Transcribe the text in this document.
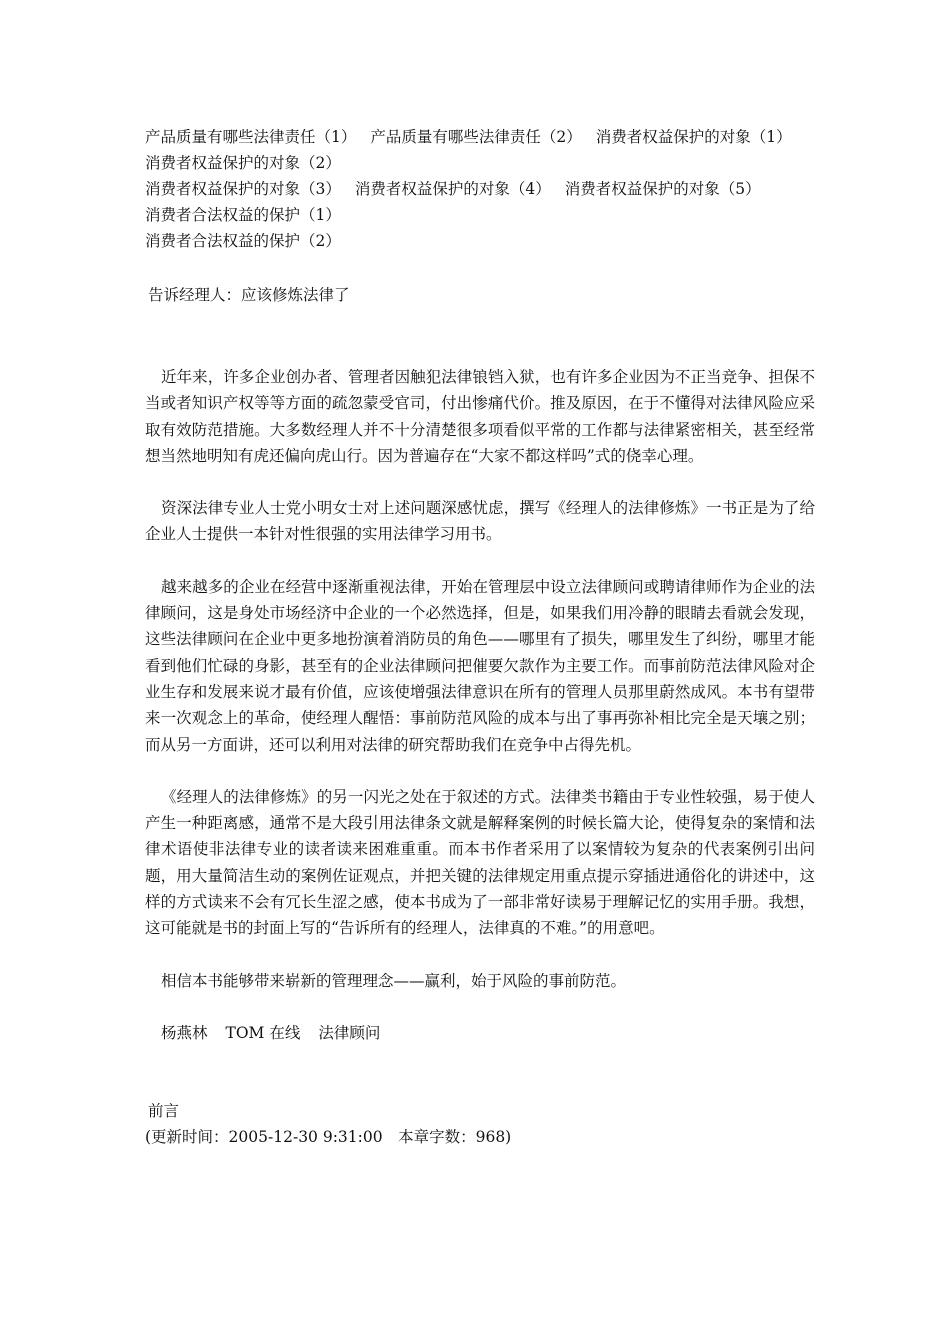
产品质量有哪些法律责任（1） 产品质量有哪些法律责任（2） 消费者权益保护的对象（1）消费者权益保护的对象（2）
消费者权益保护的对象（3） 消费者权益保护的对象（4） 消费者权益保护的对象（5）
消费者合法权益的保护（1）
消费者合法权益的保护（2）
告诉经理人：应该修炼法律了

近年来，许多企业创办者、管理者因触犯法律锒铛入狱，也有许多企业因为不正当竞争、担保不当或者知识产权等等方面的疏忽蒙受官司，付出惨痛代价。推及原因，在于不懂得对法律风险应采取有效防范措施。大多数经理人并不十分清楚很多项看似平常的工作都与法律紧密相关，甚至经常想当然地明知有虎还偏向虎山行。因为普遍存在“大家不都这样吗”式的侥幸心理。

资深法律专业人士党小明女士对上述问题深感忧虑，撰写《经理人的法律修炼》一书正是为了给企业人士提供一本针对性很强的实用法律学习用书。

越来越多的企业在经营中逐渐重视法律，开始在管理层中设立法律顾问或聘请律师作为企业的法律顾问，这是身处市场经济中企业的一个必然选择，但是，如果我们用冷静的眼睛去看就会发现，这些法律顾问在企业中更多地扮演着消防员的角色——哪里有了损失，哪里发生了纠纷，哪里才能看到他们忙碌的身影，甚至有的企业法律顾问把催要欠款作为主要工作。而事前防范法律风险对企业生存和发展来说才最有价值，应该使增强法律意识在所有的管理人员那里蔚然成风。本书有望带来一次观念上的革命，使经理人醒悟：事前防范风险的成本与出了事再弥补相比完全是天壤之别；而从另一方面讲，还可以利用对法律的研究帮助我们在竞争中占得先机。

《经理人的法律修炼》的另一闪光之处在于叙述的方式。法律类书籍由于专业性较强，易于使人产生一种距离感，通常不是大段引用法律条文就是解释案例的时候长篇大论，使得复杂的案情和法律术语使非法律专业的读者读来困难重重。而本书作者采用了以案情较为复杂的代表案例引出问题，用大量简洁生动的案例佐证观点，并把关键的法律规定用重点提示穿插进通俗化的讲述中，这样的方式读来不会有冗长生涩之感，使本书成为了一部非常好读易于理解记忆的实用手册。我想，这可能就是书的封面上写的“告诉所有的经理人，法律真的不难。”的用意吧。

相信本书能够带来崭新的管理理念——赢利，始于风险的事前防范。

杨燕林 TOM 在线 法律顾问
前言
(更新时间：2005-12-30 9:31:00　本章字数：968)
